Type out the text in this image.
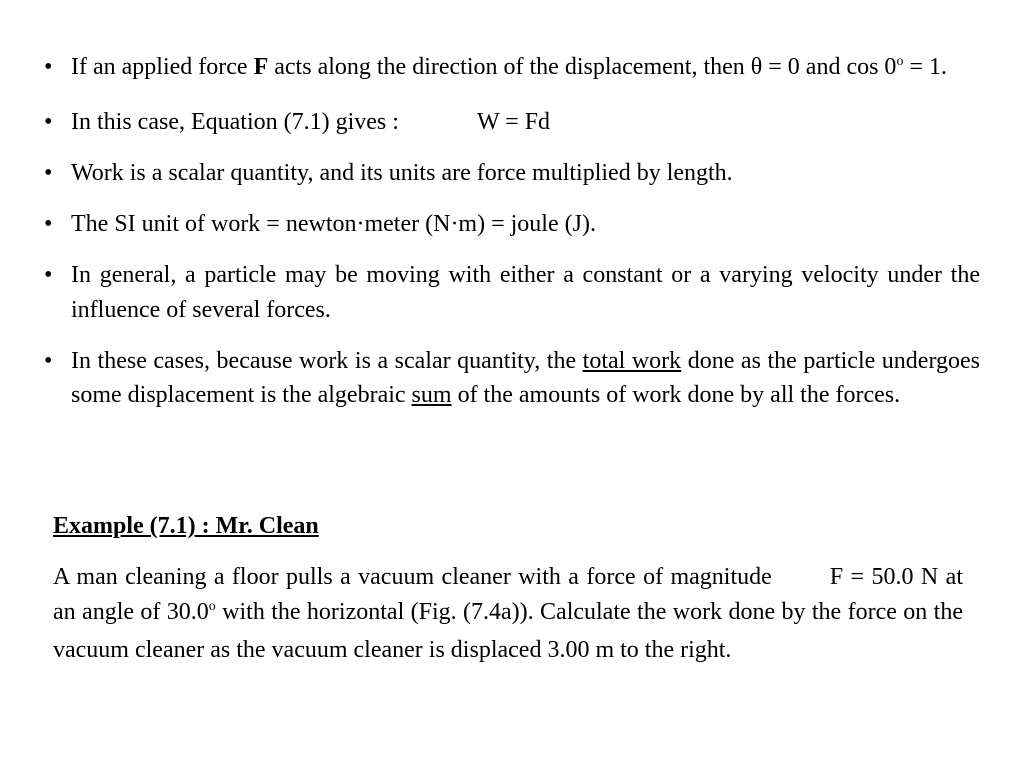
• If an applied force F acts along the direction of the displacement, then θ = 0 and $\cos 0^o = 1$.
• In this case, Equation (7.1) gives :	W = Fd
• Work is a scalar quantity, and its units are force multiplied by length.
• The SI unit of work = newton·meter (N·m) = joule (J).
• In general, a particle may be moving with either a constant or a varying velocity under the influence of several forces.
• In these cases, because work is a scalar quantity, the total work done as the particle undergoes some displacement is the algebraic sum of the amounts of work done by all the forces.

Example (7.1) : Mr. Clean

A man cleaning a floor pulls a vacuum cleaner with a force of magnitude F = 50.0 N at an angle of 30.0$^o$ with the horizontal (Fig. (7.4a)). Calculate the work done by the force on the vacuum cleaner as the vacuum cleaner is displaced 3.00 m to the right.
